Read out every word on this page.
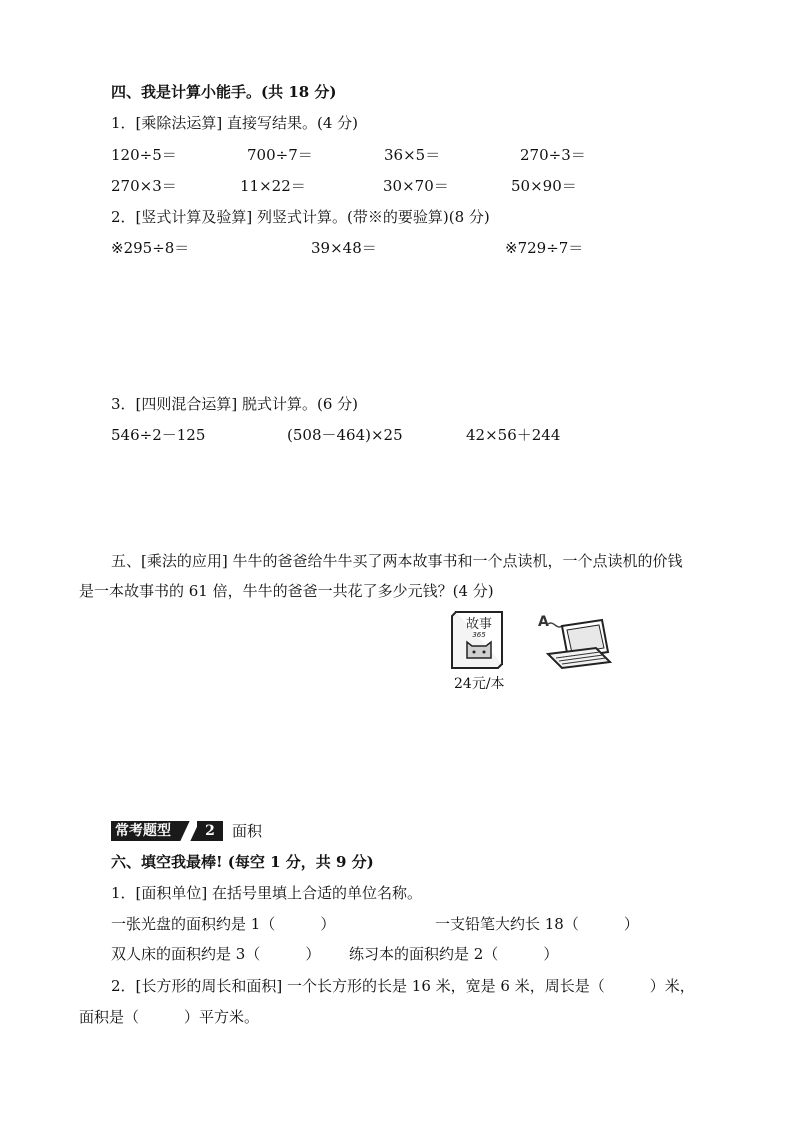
四、我是计算小能手。(共 18 分)
1．[乘除法运算] 直接写结果。(4 分)
120÷5＝	700÷7＝	36×5＝	270÷3＝
270×3＝	11×22＝	30×70＝	50×90＝
2．[竖式计算及验算] 列竖式计算。(带※的要验算)(8 分)
※295÷8＝	39×48＝	※729÷7＝
3．[四则混合运算] 脱式计算。(6 分)
546÷2－125	(508－464)×25	42×56＋244
五、[乘法的应用] 牛牛的爸爸给牛牛买了两本故事书和一个点读机，一个点读机的价钱
是一本故事书的 61 倍，牛牛的爸爸一共花了多少元钱？(4 分)
故事
365
24元/本
A
常考题型	2	面积
六、填空我最棒! (每空 1 分，共 9 分)
1．[面积单位] 在括号里填上合适的单位名称。
一张光盘的面积约是 1（　　　）	一支铅笔大约长 18（　　　）
双人床的面积约是 3（　　　） 练习本的面积约是 2（　　　）
2．[长方形的周长和面积] 一个长方形的长是 16 米，宽是 6 米，周长是（　　　）米，
面积是（　　　）平方米。
